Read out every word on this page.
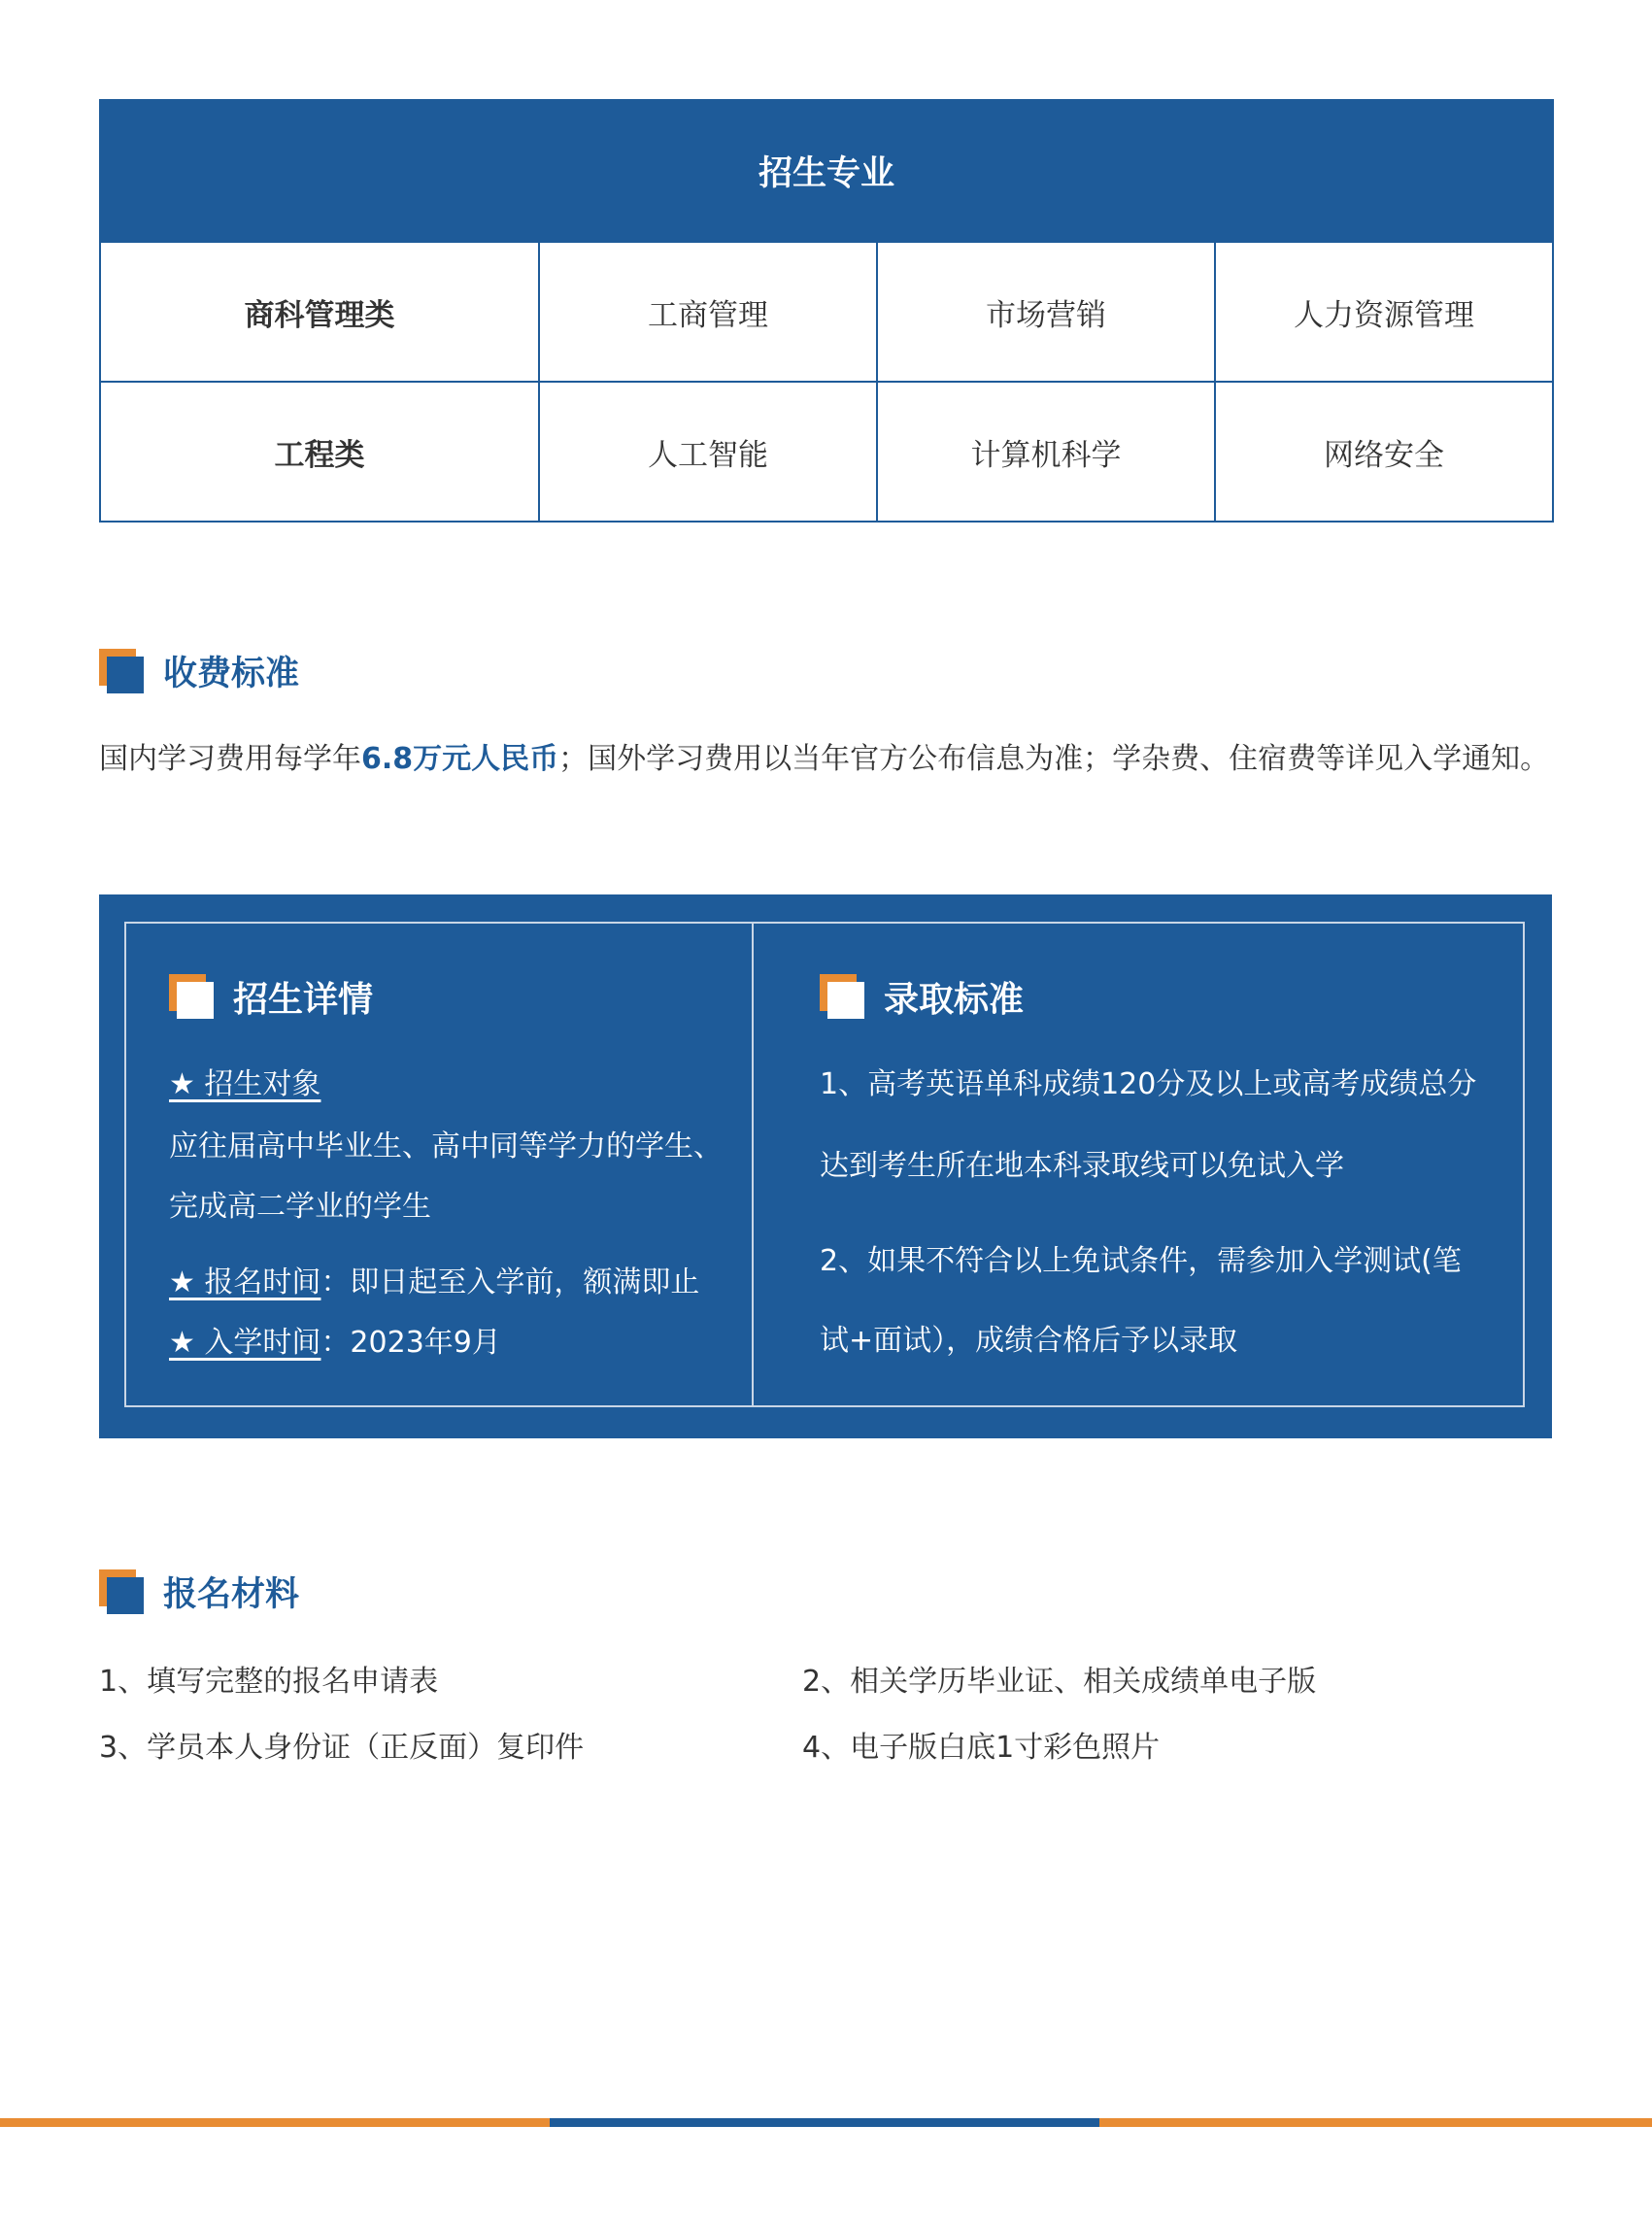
招生专业			
商科管理类	工商管理	市场营销	人力资源管理
工程类	人工智能	计算机科学	网络安全
收费标准
国内学习费用每学年6.8万元人民币；国外学习费用以当年官方公布信息为准；学杂费、住宿费等详见入学通知。
招生详情
★ 招生对象
应往届高中毕业生、高中同等学力的学生、
完成高二学业的学生
★ 报名时间：即日起至入学前，额满即止
★ 入学时间：2023年9月
录取标准
1、高考英语单科成绩120分及以上或高考成绩总分
达到考生所在地本科录取线可以免试入学
2、如果不符合以上免试条件，需参加入学测试(笔
试+面试），成绩合格后予以录取
报名材料
1、填写完整的报名申请表	2、相关学历毕业证、相关成绩单电子版
3、学员本人身份证（正反面）复印件	4、电子版白底1寸彩色照片
